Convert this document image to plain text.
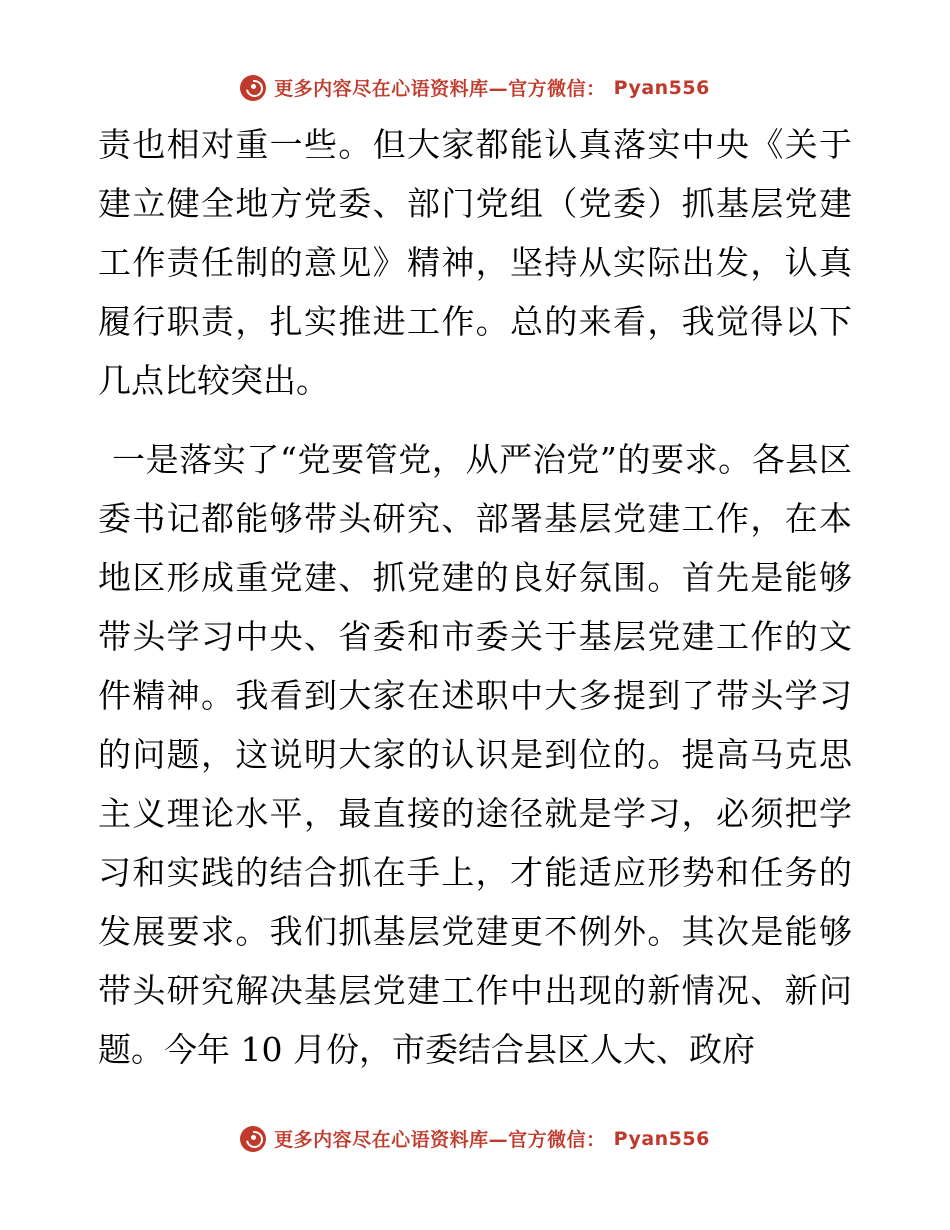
更多内容尽在心语资料库—官方微信： Pyan556

责也相对重一些。但大家都能认真落实中央《关于建立健全地方党委、部门党组（党委）抓基层党建工作责任制的意见》精神，坚持从实际出发，认真履行职责，扎实推进工作。总的来看，我觉得以下几点比较突出。

一是落实了“党要管党，从严治党”的要求。各县区委书记都能够带头研究、部署基层党建工作，在本地区形成重党建、抓党建的良好氛围。首先是能够带头学习中央、省委和市委关于基层党建工作的文件精神。我看到大家在述职中大多提到了带头学习的问题，这说明大家的认识是到位的。提高马克思主义理论水平，最直接的途径就是学习，必须把学习和实践的结合抓在手上，才能适应形势和任务的发展要求。我们抓基层党建更不例外。其次是能够带头研究解决基层党建工作中出现的新情况、新问题。今年 10 月份，市委结合县区人大、政府

更多内容尽在心语资料库—官方微信： Pyan556
